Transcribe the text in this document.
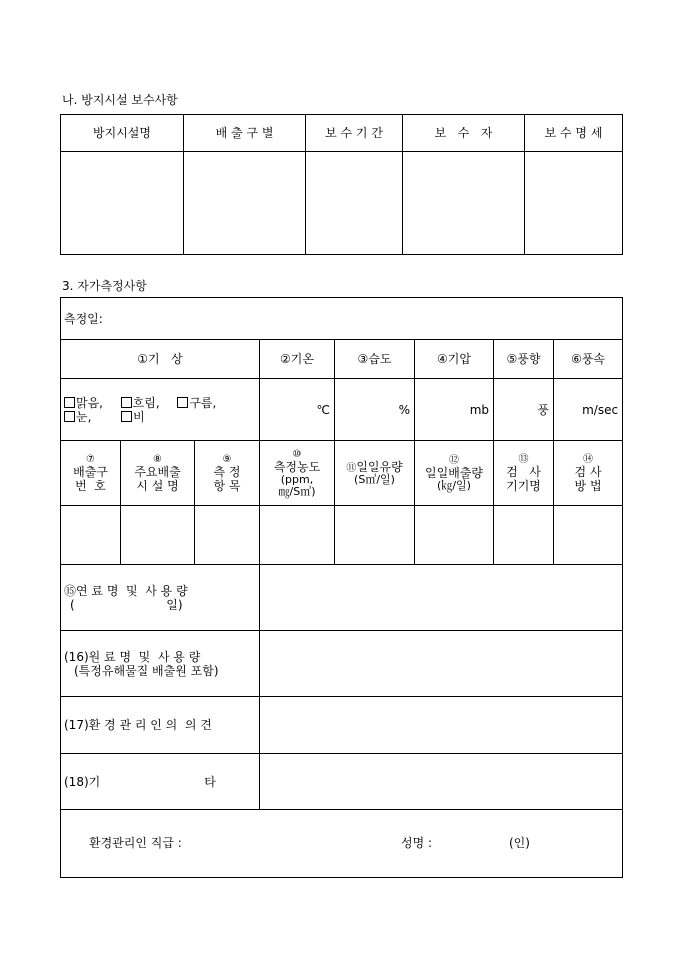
나. 방지시설 보수사항
방지시설명	배 출 구 별	보 수 기 간	보   수   자	보 수 명 세

3. 자가측정사항
측정일:							
①기   상			②기온	③습도	④기압	⑤풍향	⑥풍속

맑음, 흐림, 구름,
눈, 비			℃	%	mb	풍	m/sec

⑦
배출구
번  호	⑧
주요배출
시 설 명	⑨
측 정
항 목	⑩
측정농도
(ppm,
㎎/S㎥)	⑪일일유량
(S㎥/일)	⑫
일일배출량
(㎏/일)	⑬
검   사
기기명	⑭
검 사
방 법

⑮연 료 명  및  사 용 량
(                        일)							

(16)원 료 명  및  사 용 량
(특정유해물질 배출원 포함)							

(17)환 경 관 리 인 의  의 견							
(18)기 타							

환경관리인 직급 : 성명 : (인)							
